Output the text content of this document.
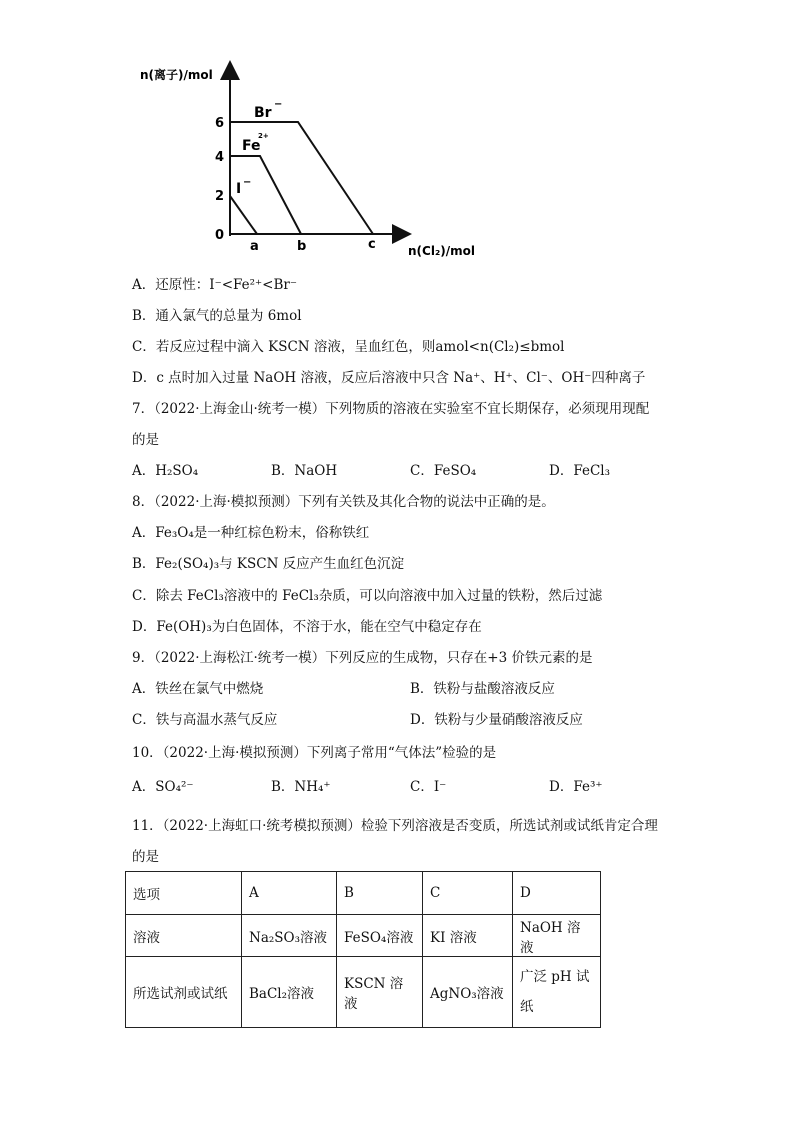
n(离子)/mol
n(Cl₂)/mol
6
4
2
0
a	b	c
Br
−
Fe
2+
I −
A．还原性：I⁻<Fe²⁺<Br⁻
B．通入氯气的总量为 6mol
C．若反应过程中滴入 KSCN 溶液，呈血红色，则amol<n(Cl₂)≤bmol
D．c 点时加入过量 NaOH 溶液，反应后溶液中只含 Na⁺、H⁺、Cl⁻、OH⁻四种离子
7．（2022·上海金山·统考一模）下列物质的溶液在实验室不宜长期保存，必须现用现配
的是
A．H₂SO₄	B．NaOH	C．FeSO₄	D．FeCl₃
8．（2022·上海·模拟预测）下列有关铁及其化合物的说法中正确的是。
A．Fe₃O₄是一种红棕色粉末，俗称铁红
B．Fe₂(SO₄)₃与 KSCN 反应产生血红色沉淀
C．除去 FeCl₃溶液中的 FeCl₃杂质，可以向溶液中加入过量的铁粉，然后过滤
D．Fe(OH)₃为白色固体，不溶于水，能在空气中稳定存在
9．（2022·上海松江·统考一模）下列反应的生成物，只存在+3 价铁元素的是
A．铁丝在氯气中燃烧	B．铁粉与盐酸溶液反应
C．铁与高温水蒸气反应	D．铁粉与少量硝酸溶液反应
10．（2022·上海·模拟预测）下列离子常用“气体法”检验的是
A．SO₄²⁻	B．NH₄⁺	C．I⁻	D．Fe³⁺
11．（2022·上海虹口·统考模拟预测）检验下列溶液是否变质，所选试剂或试纸肯定合理
的是
选项	A	B	C	D
溶液	Na₂SO₃溶液	FeSO₄溶液	KI 溶液	NaOH 溶液
所选试剂或试纸	BaCl₂溶液	KSCN 溶液	AgNO₃溶液	广泛 pH 试纸
